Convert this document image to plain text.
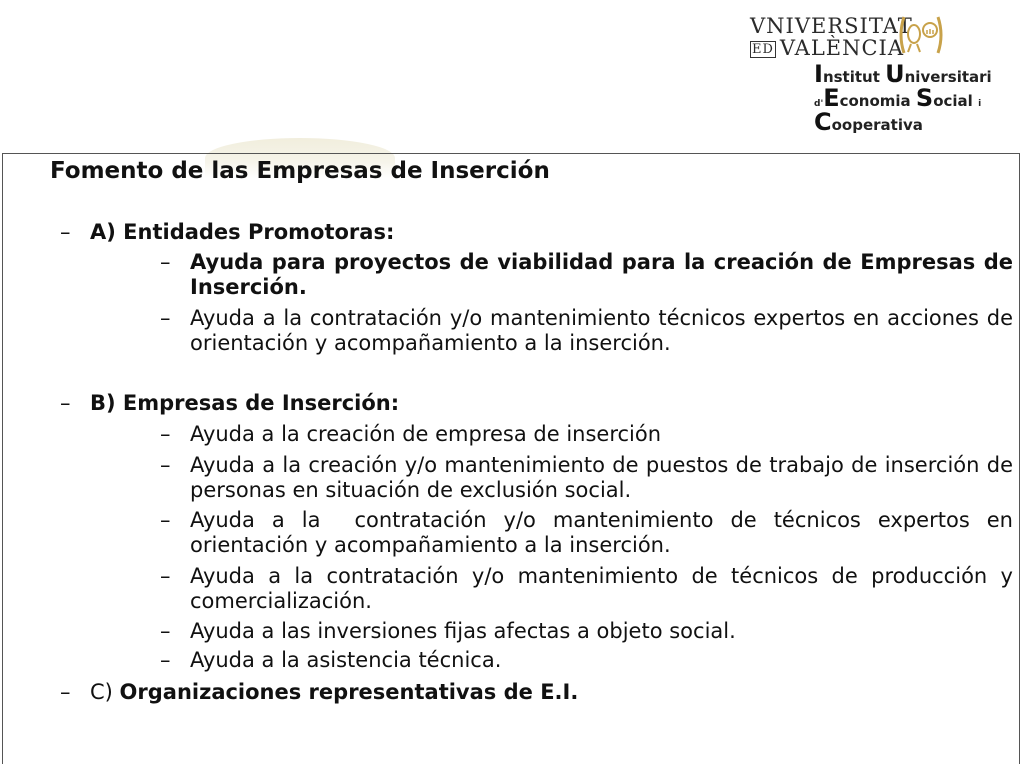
VNIVERSITAT
ED VALÈNCIA
Institut Universitari
d'Economia Social i
Cooperativa
Fomento de las Empresas de Inserción
– A) Entidades Promotoras:
– Ayuda para proyectos de viabilidad para la creación de Empresas de Inserción.
– Ayuda a la contratación y/o mantenimiento técnicos expertos en acciones de orientación y acompañamiento a la inserción.
– B) Empresas de Inserción:
– Ayuda a la creación de empresa de inserción
– Ayuda a la creación y/o mantenimiento de puestos de trabajo de inserción de personas en situación de exclusión social.
– Ayuda a la  contratación y/o mantenimiento de técnicos expertos en orientación y acompañamiento a la inserción.
– Ayuda a la contratación y/o mantenimiento de técnicos de producción y comercialización.
– Ayuda a las inversiones fijas afectas a objeto social.
– Ayuda a la asistencia técnica.
– C) Organizaciones representativas de E.I.
